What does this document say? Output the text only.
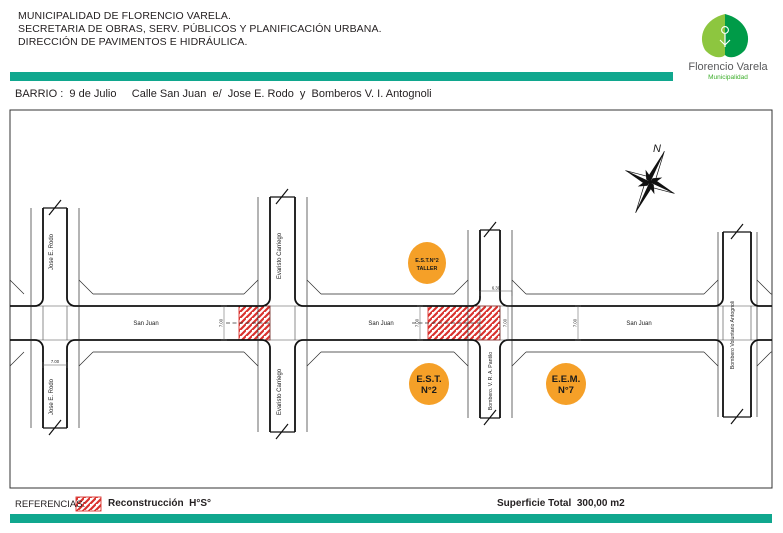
MUNICIPALIDAD DE FLORENCIO VARELA.
SECRETARIA DE OBRAS, SERV. PÚBLICOS Y PLANIFICACIÓN URBANA.
DIRECCIÓN DE PAVIMENTOS E HIDRÁULICA.
Florencio Varela
Municipalidad
BARRIO :  9 de Julio     Calle San Juan  e/  Jose E. Rodo  y  Bomberos V. I. Antognoli
N
7.00
7.00
7.00	7.00	7.00
6.30
San Juan	San Juan	San Juan
Jose E. Rodo
Jose E. Rodo
Evaristo Carriego
Evaristo Carriego	Bombero. V. R. A. Pantilo
Bombero Voluntario Antognoli
E.S.T.N°2
TALLER
E.S.T.
N°2
E.E.M.
N°7
REFERENCIAS: Reconstrucción  H°S°	Superficie Total  300,00 m2
